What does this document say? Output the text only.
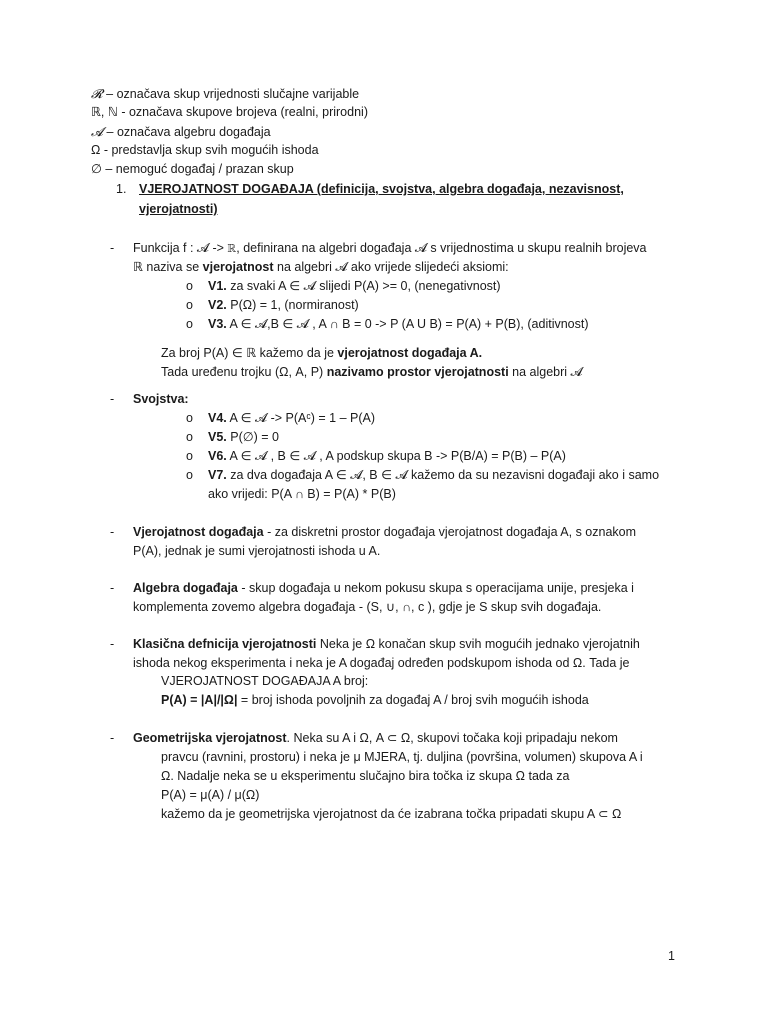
𝓡 – označava skup vrijednosti slučajne varijable
ℝ, ℕ - označava skupove brojeva (realni, prirodni)
𝓐 – označava algebru događaja
Ω - predstavlja skup svih mogućih ishoda
∅ – nemoguć događaj / prazan skup
1. VJEROJATNOST DOGAĐAJA (definicija, svojstva, algebra događaja, nezavisnost,
vjerojatnosti)
- Funkcija f : 𝓐 -> ℝ, definirana na algebri događaja 𝓐 s vrijednostima u skupu realnih brojeva
ℝ naziva se vjerojatnost na algebri 𝓐 ako vrijede slijedeći aksiomi:
o V1. za svaki A ∈ 𝓐 slijedi P(A) >= 0, (nenegativnost)
o V2. P(Ω) = 1, (normiranost)
o V3. A ∈ 𝓐,B ∈ 𝓐 , A ∩ B = 0 -> P (A U B) = P(A) + P(B), (aditivnost)
Za broj P(A) ∈ ℝ kažemo da je vjerojatnost događaja A.
Tada uređenu trojku (Ω, A, P) nazivamo prostor vjerojatnosti na algebri 𝓐
- Svojstva:
o V4. A ∈ 𝓐 -> P(Aᶜ) = 1 – P(A)
o V5. P(∅) = 0
o V6. A ∈ 𝓐 , B ∈ 𝓐 , A podskup skupa B -> P(B/A) = P(B) – P(A)
o V7. za dva događaja A ∈ 𝓐, B ∈ 𝓐 kažemo da su nezavisni događaji ako i samo
ako vrijedi: P(A ∩ B) = P(A) * P(B)
- Vjerojatnost događaja - za diskretni prostor događaja vjerojatnost događaja A, s oznakom
P(A), jednak je sumi vjerojatnosti ishoda u A.
- Algebra događaja - skup događaja u nekom pokusu skupa s operacijama unije, presjeka i
komplementa zovemo algebra događaja - (S, ∪, ∩, c ), gdje je S skup svih događaja.
- Klasična defnicija vjerojatnosti Neka je Ω konačan skup svih mogućih jednako vjerojatnih
ishoda nekog eksperimenta i neka je A događaj određen podskupom ishoda od Ω. Tada je
VJEROJATNOST DOGAĐAJA A broj:
P(A) = |A|/|Ω| = broj ishoda povoljnih za događaj A / broj svih mogućih ishoda
- Geometrijska vjerojatnost. Neka su A i Ω, A ⊂ Ω, skupovi točaka koji pripadaju nekom
pravcu (ravnini, prostoru) i neka je μ MJERA, tj. duljina (površina, volumen) skupova A i
Ω. Nadalje neka se u eksperimentu slučajno bira točka iz skupa Ω tada za
P(A) = μ(A) / μ(Ω)
kažemo da je geometrijska vjerojatnost da će izabrana točka pripadati skupu A ⊂ Ω
1
